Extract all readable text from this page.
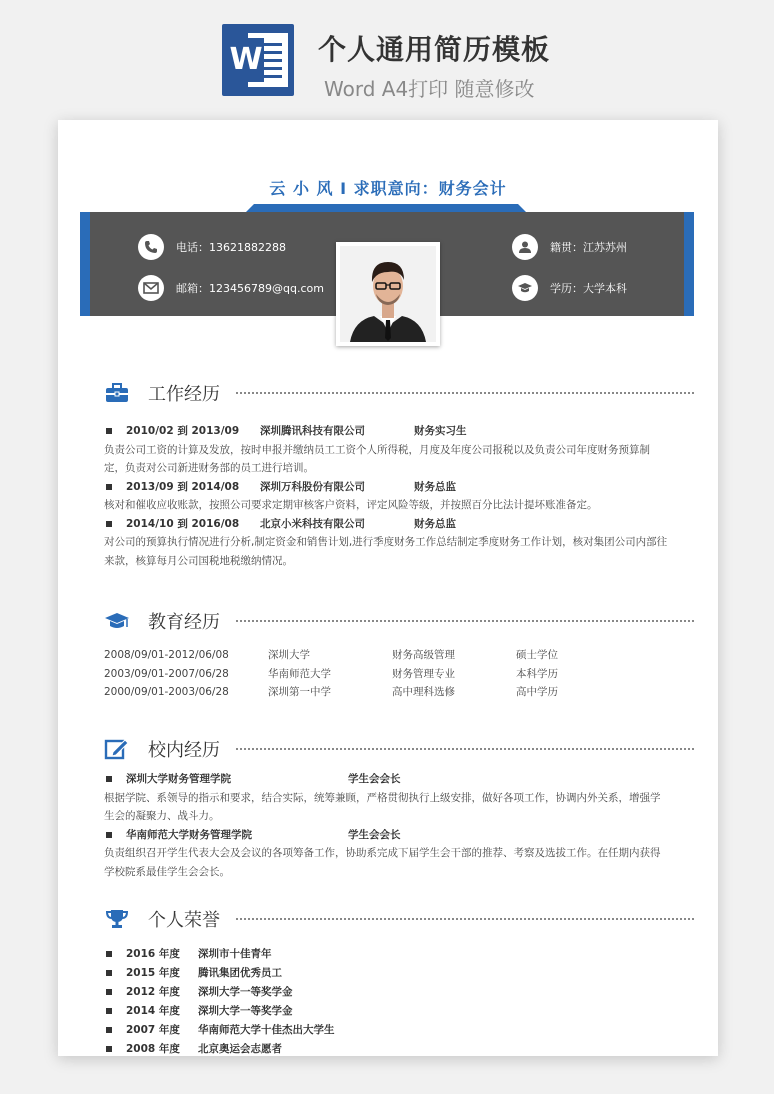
W 个人通用简历模板
Word A4打印 随意修改
云 小 风 I 求职意向：财务会计
电话：13621882288
邮箱：123456789@qq.com
籍贯：江苏苏州
学历：大学本科
工作经历
2010/02 到 2013/09	深圳腾讯科技有限公司	财务实习生
负责公司工资的计算及发放，按时申报并缴纳员工工资个人所得税，月度及年度公司报税以及负责公司年度财务预算制定，负责对公司新进财务部的员工进行培训。
2013/09 到 2014/08	深圳万科股份有限公司	财务总监
核对和催收应收账款，按照公司要求定期审核客户资料，评定风险等级，并按照百分比法计提坏账准备定。
2014/10 到 2016/08	北京小米科技有限公司	财务总监
对公司的预算执行情况进行分析,制定资金和销售计划,进行季度财务工作总结制定季度财务工作计划，核对集团公司内部往来款，核算每月公司国税地税缴纳情况。
教育经历
2008/09/01-2012/06/08	深圳大学	财务高级管理	硕士学位
2003/09/01-2007/06/28	华南师范大学	财务管理专业	本科学历
2000/09/01-2003/06/28	深圳第一中学	高中理科选修	高中学历
校内经历
深圳大学财务管理学院	学生会会长
根据学院、系领导的指示和要求，结合实际，统筹兼顾，严格贯彻执行上级安排，做好各项工作，协调内外关系，增强学生会的凝聚力、战斗力。
华南师范大学财务管理学院	学生会会长
负责组织召开学生代表大会及会议的各项筹备工作，协助系完成下届学生会干部的推荐、考察及选拔工作。在任期内获得学校院系最佳学生会会长。
个人荣誉
2016 年度	深圳市十佳青年
2015 年度	腾讯集团优秀员工
2012 年度	深圳大学一等奖学金
2014 年度	深圳大学一等奖学金
2007 年度	华南师范大学十佳杰出大学生
2008 年度	北京奥运会志愿者
